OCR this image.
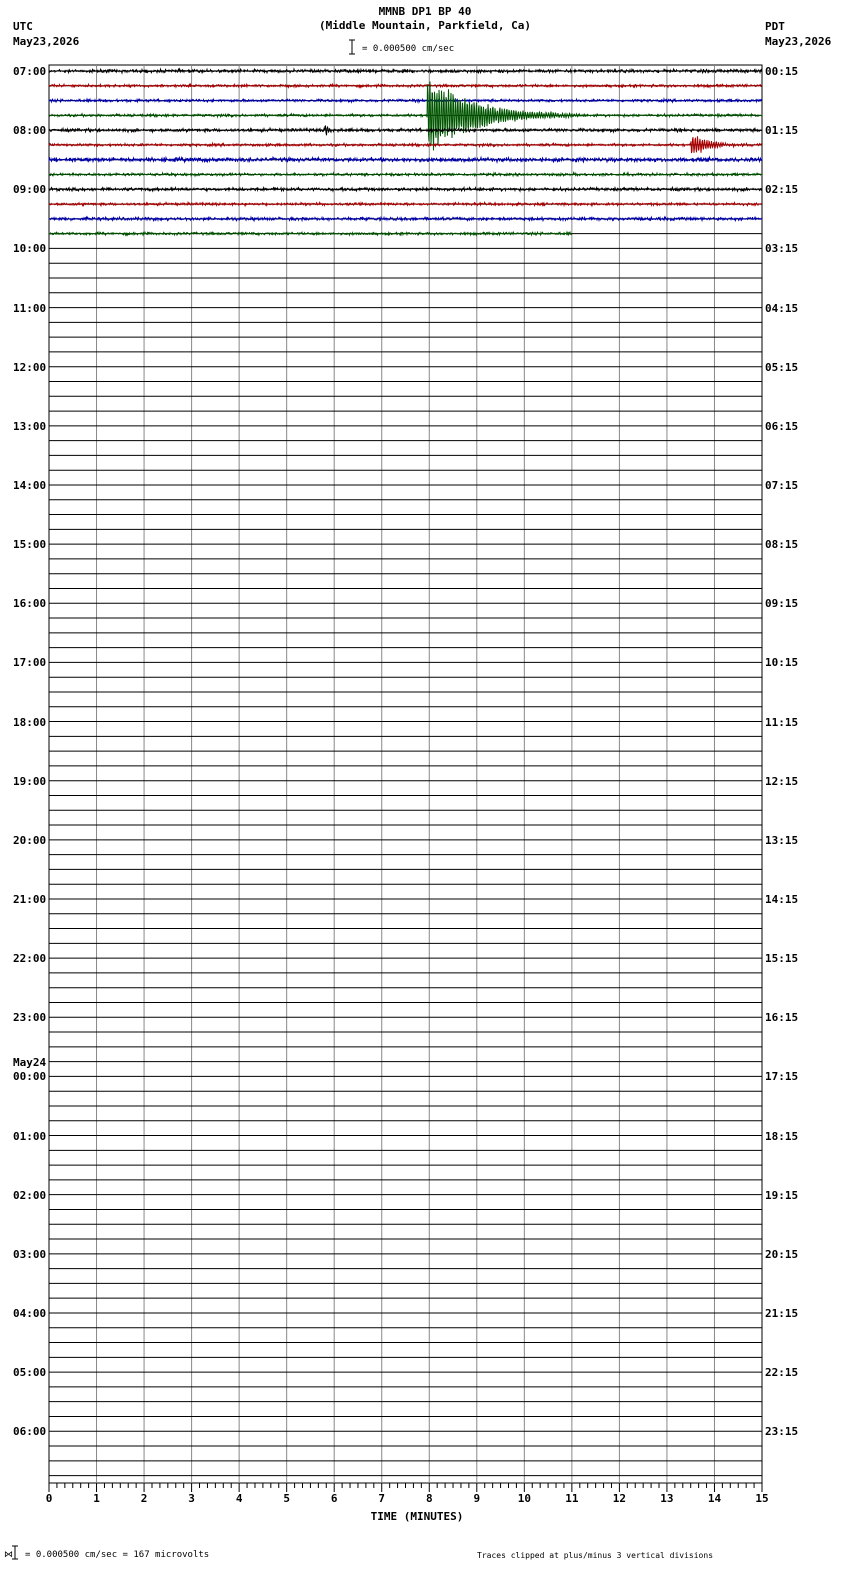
0	1	2	3	4	5	6	7	8	9	10	11	12	13	14	15
MMNB DP1 BP 40
(Middle Mountain, Parkfield, Ca)
= 0.000500 cm/sec
UTC
May23,2026
PDT
May23,2026
07:00
08:00
09:00
10:00
11:00
12:00
13:00
14:00
15:00
16:00
17:00
18:00
19:00
20:00
21:00
22:00
23:00
00:00
01:00
02:00
03:00
04:00
05:00
06:00
00:15
01:15
02:15
03:15
04:15
05:15
06:15
07:15
08:15
09:15
10:15
11:15
12:15
13:15
14:15
15:15
16:15
17:15
18:15
19:15
20:15
21:15
22:15
23:15
May24
TIME (MINUTES)
⋈ = 0.000500 cm/sec = 167 microvolts	Traces clipped at plus/minus 3 vertical divisions
